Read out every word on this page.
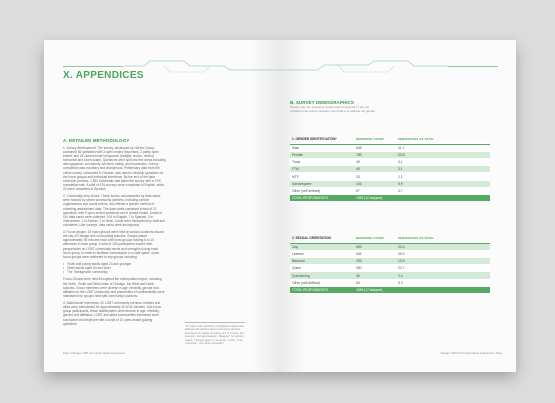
X. APPENDICES
A. DETAILED METHODOLOGY

1. Survey development: The survey, developed by Horner Group, contained 36 questions with 3 open-ended responses, 2 partly open ended, and 24 closed-ended responses (multiple choice, ranked, horizontal and Likert scale). Questions were split into five areas including demographics, community, services, safety, and economics. Survey completion was voluntary and anonymous. Preliminary data from the online survey, conducted in October, was used to develop questions for the focus groups and individual interviews. By the end of the data collection process, 1,552 individuals had taken the survey with a 74% completion rate. A total of 676 surveys were completed in English, while 24 were completed in Spanish.

2. Community drop boxes: These boxes, accompanied by data cards, were housed by seven community partners, including service organizations and social events, and offered a quicker method of collecting assessment data. The data cards contained a total of 12 questions, with 9 open-ended questions and 6 closed-ended. A total of 114 data cards were collected: 104 in English, 7 in Spanish, 3 in Vietnamese, 2 in Korean, 1 in Hindi. Cards were transcribed by staff and volunteers. Like surveys, data cards were anonymous.

3. Focus groups: 15 focus groups were held at various locations around the city of Chicago and surrounding suburbs. Groups lasted approximately 90 minutes each with most groups holding 6 to 10 attendees in each group. A total of 126 participants shared their perspectives on LGBT community needs and strengths during each focus group, in order to facilitate conversation in a safe space, some focus groups were marketed to key groups including:

• Youth and young adults aged 24 and younger
• Older adults aged 60 and older
• The Transgender community

Focus Groups were held throughout the metropolitan region, including the North, South and West sides of Chicago, the West and North suburbs. Group members were diverse in age, ethnicity, gender and affiliation to the LGBT community and parameters of confidentiality were maintained for groups held with community locations.

4. Stakeholder interviews: 42 LGBT community mentors, leaders and allies were interviewed for approximately 45 to 60 minutes. Like focus group participants, these stakeholders were diverse in age, ethnicity, gender and affiliation. LGBT and allied communities interviews were conducted via telephone with a script of 10 open-ended guiding questions.

¹On Likert scale questions, participants ranked their feelings and opinions about community services and issues on scales consisting of 4 or 5 items. For example, 'strongly disagree', 'disagree', 'no opinion', 'agree', 'strongly agree' or 'not at all', 'a little', 'a lot', 'extremely', 'only when necessary'.
Page | Chicago LGBT Community Needs Assessment
B. SURVEY DEMOGRAPHICS
Please note: the questions marked with an asterisk (*) are not included in the survey question count that is to address the gender.
1. GENDER IDENTIFICATION*	RESPONSE COUNT	PERCENTAGE OF TOTAL

Male	648	41.7
Female	789	50.8
Trans	49	3.1
FTM	49	3.1
MTF	33	2.1
Genderqueer	106	6.9
Other (self defined)	57	3.7
TOTAL RESPONDENTS	1552 (10 skipped)	
2. SEXUAL ORIENTATION	RESPONSE COUNT	PERCENTAGE OF TOTAL

Gay	659	42.6
Lesbian	545	35.3
Bisexual	209	13.5
Queer	350	22.7
Questioning	36	2.4
Other (self defined)	83	5.3
TOTAL RESPONDENTS	1545 (17 skipped)	
Chicago LGBT Community Needs Assessment | Page
